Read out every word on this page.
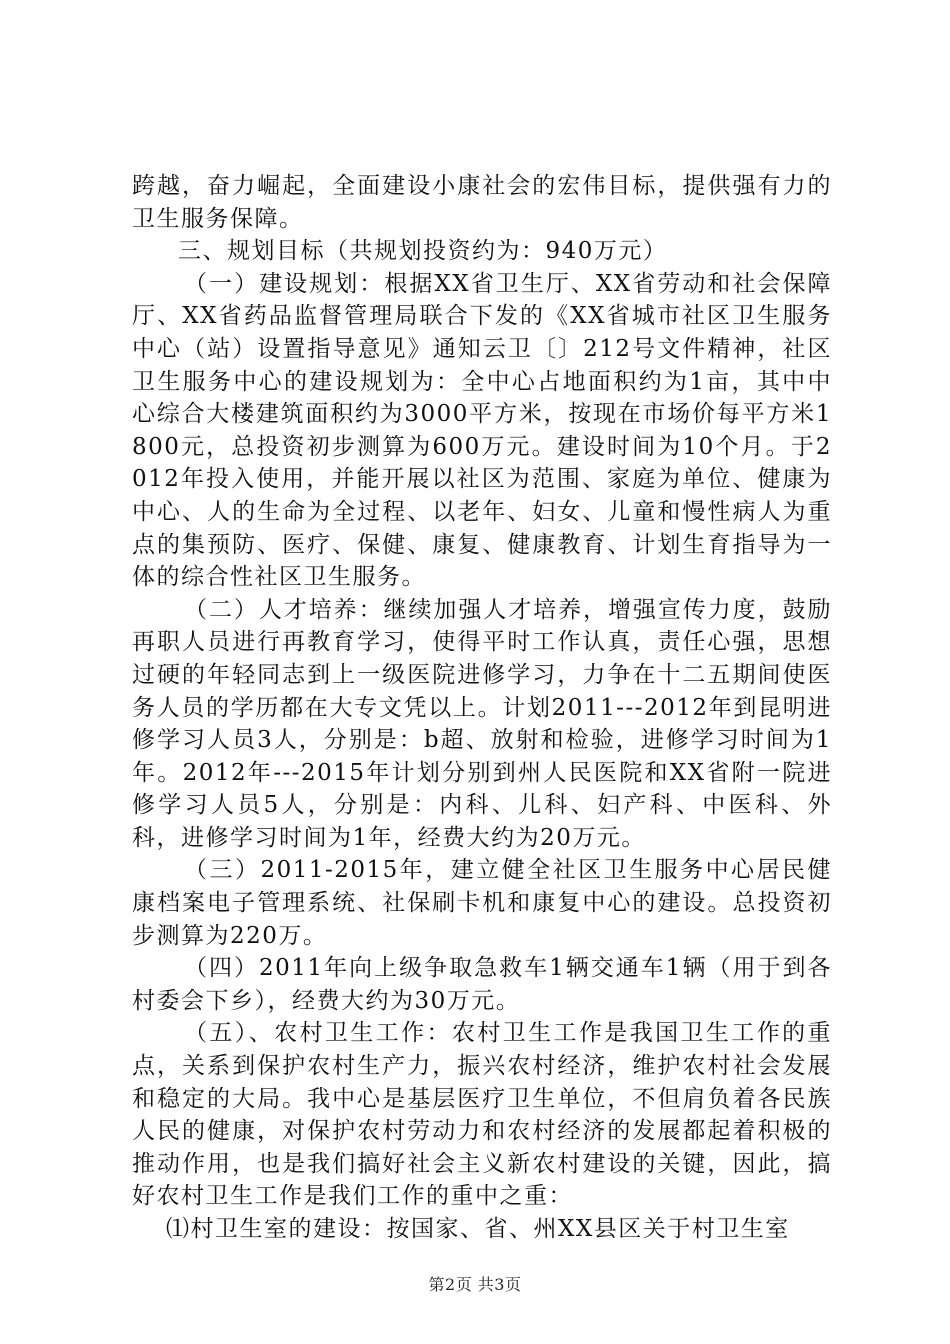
跨越，奋力崛起，全面建设小康社会的宏伟目标，提供强有力的卫生服务保障。

三、规划目标（共规划投资约为：940万元）

（一）建设规划：根据XX省卫生厅、XX省劳动和社会保障厅、XX省药品监督管理局联合下发的《XX省城市社区卫生服务中心（站）设置指导意见》通知云卫〔〕212号文件精神，社区卫生服务中心的建设规划为：全中心占地面积约为1亩，其中中心综合大楼建筑面积约为3000平方米，按现在市场价每平方米1800元，总投资初步测算为600万元。建设时间为10个月。于2012年投入使用，并能开展以社区为范围、家庭为单位、健康为中心、人的生命为全过程、以老年、妇女、儿童和慢性病人为重点的集预防、医疗、保健、康复、健康教育、计划生育指导为一体的综合性社区卫生服务。

（二）人才培养：继续加强人才培养，增强宣传力度，鼓励再职人员进行再教育学习，使得平时工作认真，责任心强，思想过硬的年轻同志到上一级医院进修学习，力争在十二五期间使医务人员的学历都在大专文凭以上。计划2011---2012年到昆明进修学习人员3人，分别是：b超、放射和检验，进修学习时间为1年。2012年---2015年计划分别到州人民医院和XX省附一院进修学习人员5人，分别是：内科、儿科、妇产科、中医科、外科，进修学习时间为1年，经费大约为20万元。

（三）2011-2015年，建立健全社区卫生服务中心居民健康档案电子管理系统、社保刷卡机和康复中心的建设。总投资初步测算为220万。

（四）2011年向上级争取急救车1辆交通车1辆（用于到各村委会下乡），经费大约为30万元。

（五）、农村卫生工作：农村卫生工作是我国卫生工作的重点，关系到保护农村生产力，振兴农村经济，维护农村社会发展和稳定的大局。我中心是基层医疗卫生单位，不但肩负着各民族人民的健康，对保护农村劳动力和农村经济的发展都起着积极的推动作用，也是我们搞好社会主义新农村建设的关键，因此，搞好农村卫生工作是我们工作的重中之重：

⑴村卫生室的建设：按国家、省、州XX县区关于村卫生室

第2页 共3页
